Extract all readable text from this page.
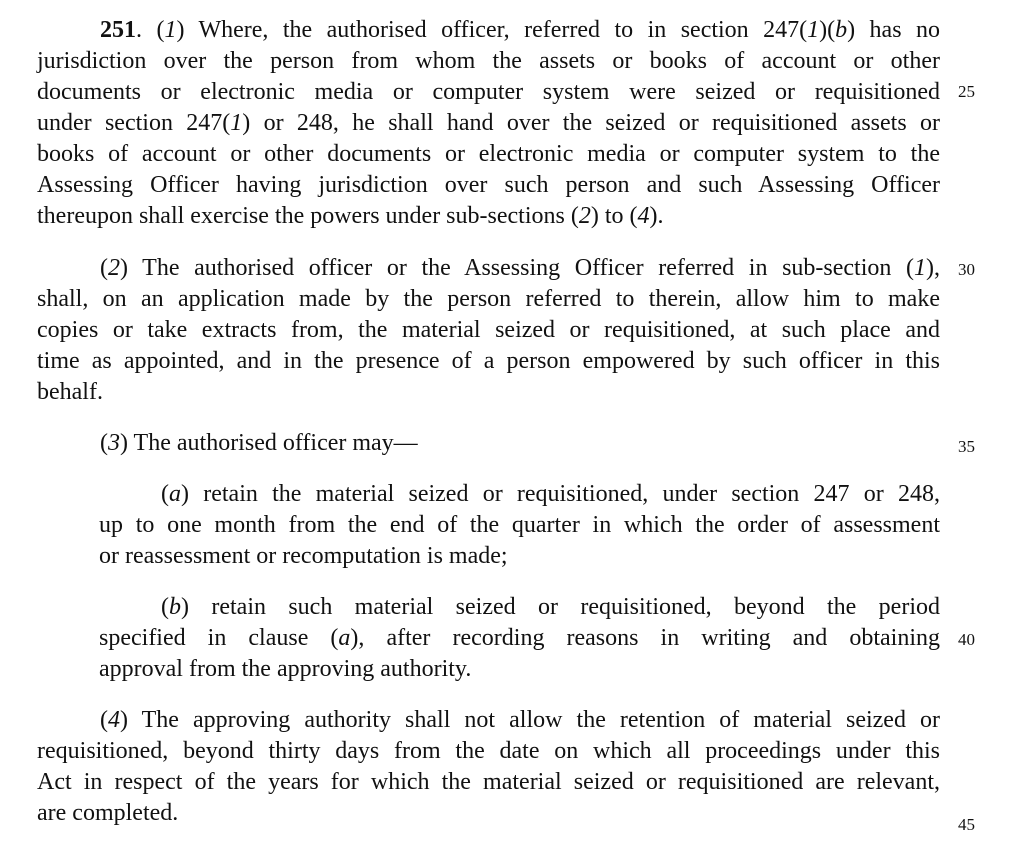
251. (1) Where, the authorised officer, referred to in section 247(1)(b) has no
jurisdiction over the person from whom the assets or books of account or other
documents or electronic media or computer system were seized or requisitioned
under section 247(1) or 248, he shall hand over the seized or requisitioned assets or
books of account or other documents or electronic media or computer system to the
Assessing Officer having jurisdiction over such person and such Assessing Officer
thereupon shall exercise the powers under sub-sections (2) to (4).
(2) The authorised officer or the Assessing Officer referred in sub-section (1),
shall, on an application made by the person referred to therein, allow him to make
copies or take extracts from, the material seized or requisitioned, at such place and
time as appointed, and in the presence of a person empowered by such officer in this
behalf.
(3) The authorised officer may—
(a) retain the material seized or requisitioned, under section 247 or 248,
up to one month from the end of the quarter in which the order of assessment
or reassessment or recomputation is made;
(b) retain such material seized or requisitioned, beyond the period
specified in clause (a), after recording reasons in writing and obtaining
approval from the approving authority.
(4) The approving authority shall not allow the retention of material seized or
requisitioned, beyond thirty days from the date on which all proceedings under this
Act in respect of the years for which the material seized or requisitioned are relevant,
are completed.
25
30
35
40
45
